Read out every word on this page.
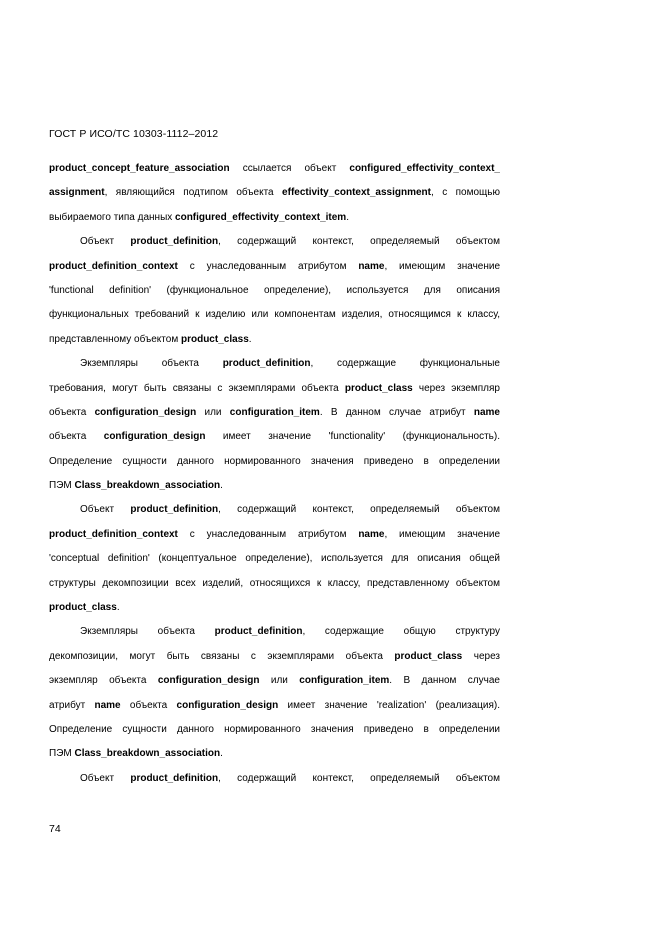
ГОСТ Р ИСО/ТС 10303-1112–2012
product_concept_feature_association ссылается объект configured_effectivity_context_
assignment, являющийся подтипом объекта effectivity_context_assignment, с помощью
выбираемого типа данных configured_effectivity_context_item.
Объект product_definition, содержащий контекст, определяемый объектом
product_definition_context с унаследованным атрибутом name, имеющим значение
'functional definition' (функциональное определение), используется для описания
функциональных требований к изделию или компонентам изделия, относящимся к классу,
представленному объектом product_class.
Экземпляры объекта product_definition, содержащие функциональные
требования, могут быть связаны с экземплярами объекта product_class через экземпляр
объекта configuration_design или configuration_item. В данном случае атрибут name
объекта configuration_design имеет значение 'functionality' (функциональность).
Определение сущности данного нормированного значения приведено в определении
ПЭМ Class_breakdown_association.
Объект product_definition, содержащий контекст, определяемый объектом
product_definition_context с унаследованным атрибутом name, имеющим значение
'conceptual definition' (концептуальное определение), используется для описания общей
структуры декомпозиции всех изделий, относящихся к классу, представленному объектом
product_class.
Экземпляры объекта product_definition, содержащие общую структуру
декомпозиции, могут быть связаны с экземплярами объекта product_class через
экземпляр объекта configuration_design или configuration_item. В данном случае
атрибут name объекта configuration_design имеет значение 'realization' (реализация).
Определение сущности данного нормированного значения приведено в определении
ПЭМ Class_breakdown_association.
Объект product_definition, содержащий контекст, определяемый объектом
74
